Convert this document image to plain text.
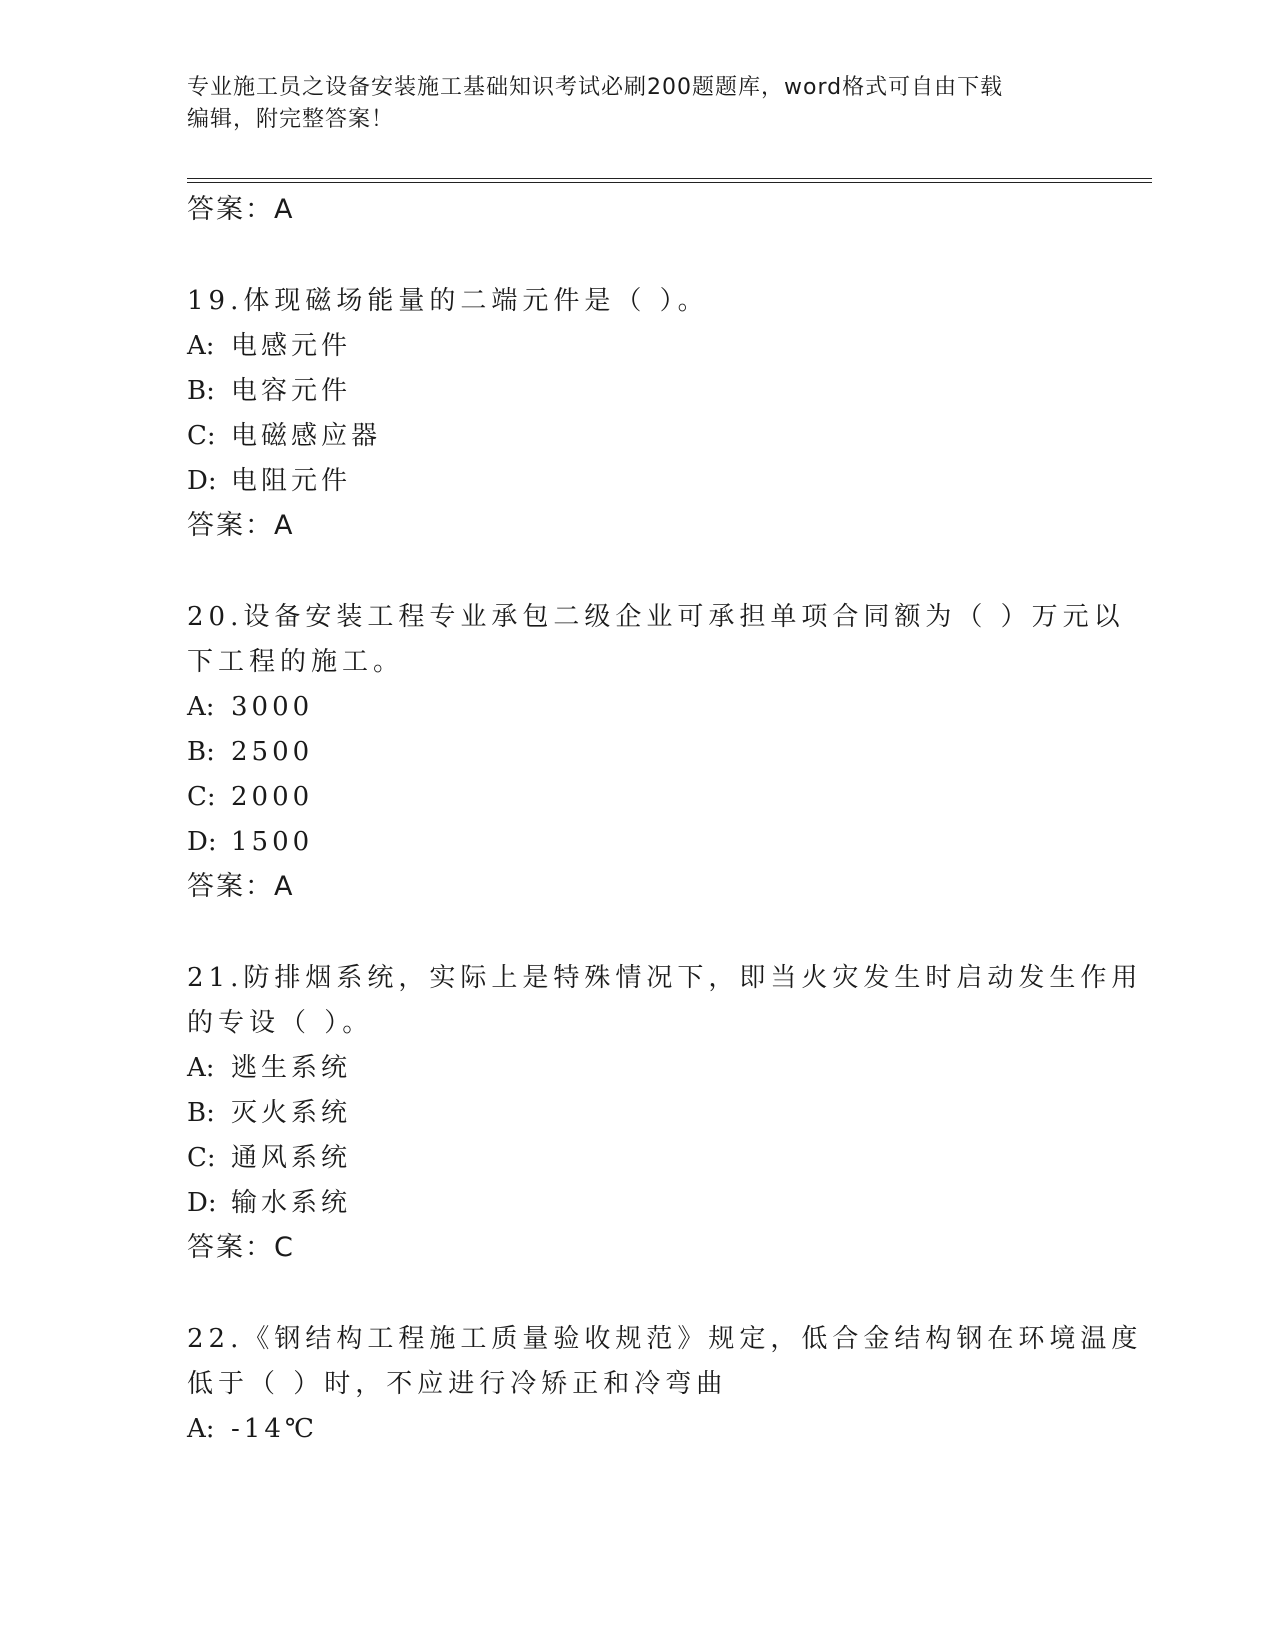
专业施工员之设备安装施工基础知识考试必刷200题题库，word格式可自由下载
编辑，附完整答案！
答案：A
19.体现磁场能量的二端元件是（ ）。
A: 电感元件
B: 电容元件
C: 电磁感应器
D: 电阻元件
答案：A
20.设备安装工程专业承包二级企业可承担单项合同额为（ ）万元以
下工程的施工。
A: 3000
B: 2500
C: 2000
D: 1500
答案：A
21.防排烟系统，实际上是特殊情况下，即当火灾发生时启动发生作用
的专设（ ）。
A: 逃生系统
B: 灭火系统
C: 通风系统
D: 输水系统
答案：C
22.《钢结构工程施工质量验收规范》规定，低合金结构钢在环境温度
低于（ ）时，不应进行冷矫正和冷弯曲
A: -14℃
